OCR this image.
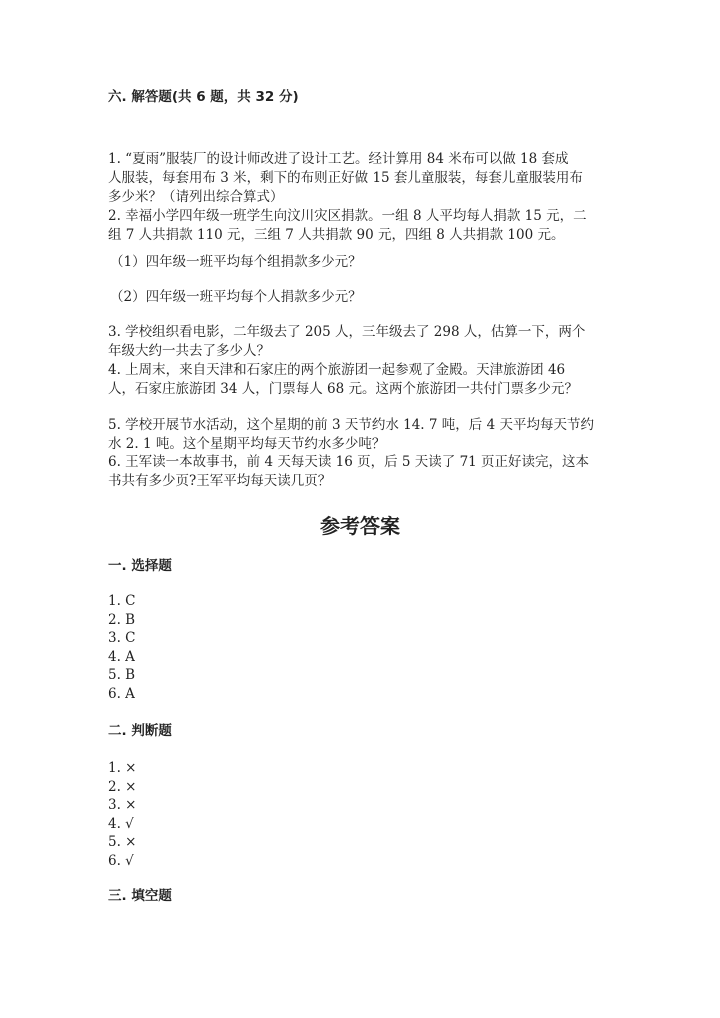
六. 解答题(共 6 题，共 32 分)
1. “夏雨”服装厂的设计师改进了设计工艺。经计算用 84 米布可以做 18 套成
人服装，每套用布 3 米，剩下的布则正好做 15 套儿童服装，每套儿童服装用布
多少米？（请列出综合算式）
2. 幸福小学四年级一班学生向汶川灾区捐款。一组 8 人平均每人捐款 15 元，二
组 7 人共捐款 110 元，三组 7 人共捐款 90 元，四组 8 人共捐款 100 元。
（1）四年级一班平均每个组捐款多少元？
（2）四年级一班平均每个人捐款多少元？
3. 学校组织看电影，二年级去了 205 人，三年级去了 298 人，估算一下，两个
年级大约一共去了多少人？
4. 上周末，来自天津和石家庄的两个旅游团一起参观了金殿。天津旅游团 46
人，石家庄旅游团 34 人，门票每人 68 元。这两个旅游团一共付门票多少元？
5. 学校开展节水活动，这个星期的前 3 天节约水 14. 7 吨，后 4 天平均每天节约
水 2. 1 吨。这个星期平均每天节约水多少吨？
6. 王军读一本故事书，前 4 天每天读 16 页，后 5 天读了 71 页正好读完，这本
书共有多少页?王军平均每天读几页？
参考答案
一. 选择题
1. C
2. B
3. C
4. A
5. B
6. A
二. 判断题
1. ×
2. ×
3. ×
4. √
5. ×
6. √
三. 填空题
